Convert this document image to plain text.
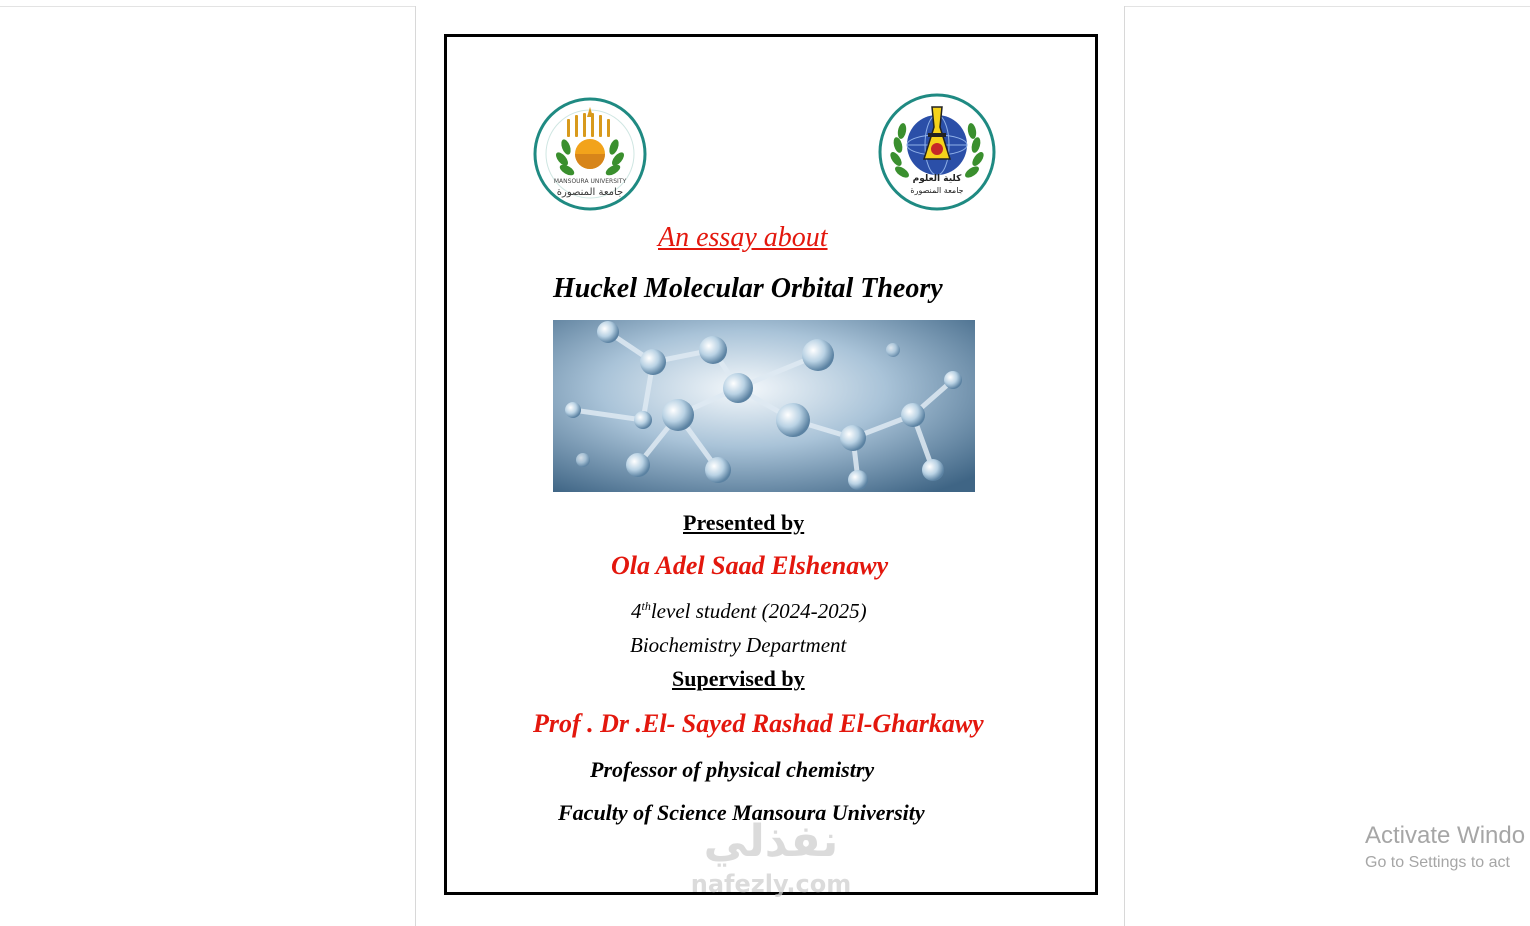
MANSOURA UNIVERSITY
جامعة المنصورة
كلية العلوم
جامعة المنصورة
An essay about
Huckel Molecular Orbital Theory
Presented by
Ola Adel Saad Elshenawy
4thlevel student (2024-2025)
Biochemistry Department
Supervised by
Prof . Dr .El- Sayed Rashad El-Gharkawy
Professor of physical chemistry
Faculty of Science Mansoura University
نفذلي
nafezly.com
Activate Windo
Go to Settings to act
